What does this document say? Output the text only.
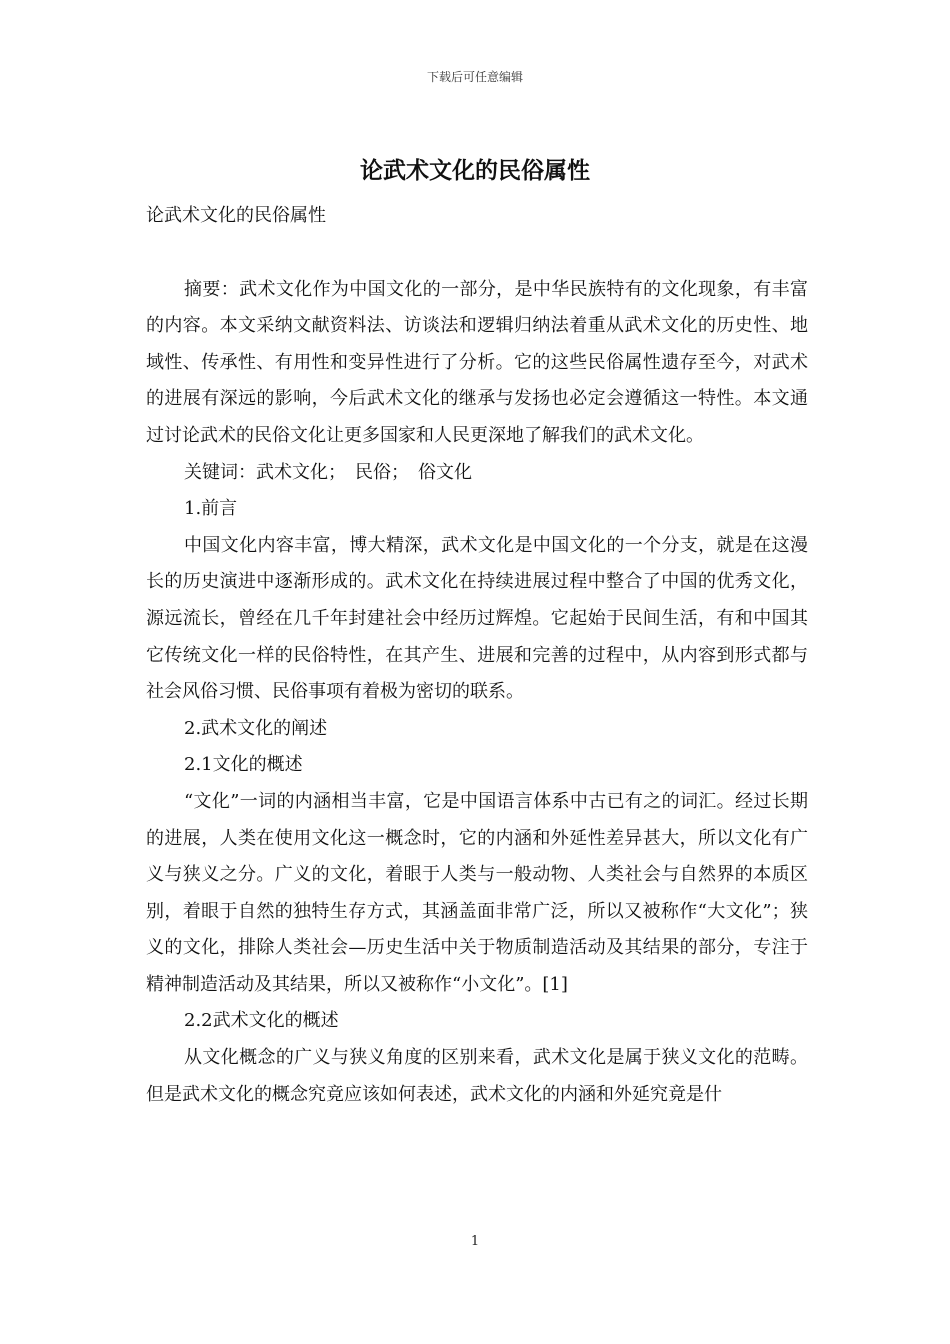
下载后可任意编辑
论武术文化的民俗属性

论武术文化的民俗属性

摘要：武术文化作为中国文化的一部分，是中华民族特有的文化现象，有丰富的内容。本文采纳文献资料法、访谈法和逻辑归纳法着重从武术文化的历史性、地域性、传承性、有用性和变异性进行了分析。它的这些民俗属性遗存至今，对武术的进展有深远的影响，今后武术文化的继承与发扬也必定会遵循这一特性。本文通过讨论武术的民俗文化让更多国家和人民更深地了解我们的武术文化。

关键词：武术文化；　民俗；　俗文化

1.前言

中国文化内容丰富，博大精深，武术文化是中国文化的一个分支，就是在这漫长的历史演进中逐渐形成的。武术文化在持续进展过程中整合了中国的优秀文化，源远流长，曾经在几千年封建社会中经历过辉煌。它起始于民间生活，有和中国其它传统文化一样的民俗特性，在其产生、进展和完善的过程中，从内容到形式都与社会风俗习惯、民俗事项有着极为密切的联系。

2.武术文化的阐述

2.1文化的概述

“文化”一词的内涵相当丰富，它是中国语言体系中古已有之的词汇。经过长期的进展，人类在使用文化这一概念时，它的内涵和外延性差异甚大，所以文化有广义与狭义之分。广义的文化，着眼于人类与一般动物、人类社会与自然界的本质区别，着眼于自然的独特生存方式，其涵盖面非常广泛，所以又被称作“大文化”；狭义的文化，排除人类社会—历史生活中关于物质制造活动及其结果的部分，专注于精神制造活动及其结果，所以又被称作“小文化”。[1]

2.2武术文化的概述

从文化概念的广义与狭义角度的区别来看，武术文化是属于狭义文化的范畴。但是武术文化的概念究竟应该如何表述，武术文化的内涵和外延究竟是什

1
